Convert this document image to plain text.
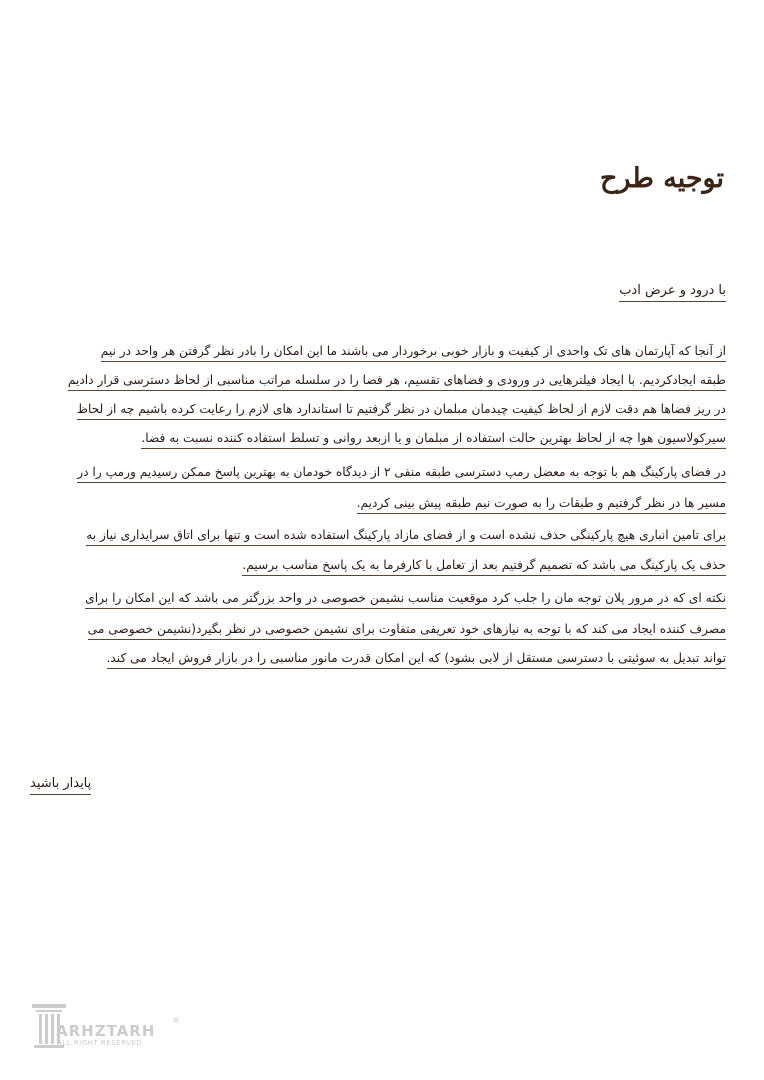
توجیه طرح
با درود و عرض ادب
از آنجا که آپارتمان های تک واحدی از کیفیت و بازار خوبی برخوردار می باشند ما این امکان را بادر نظر گرفتن هر واحد در نیم
طبقه ایجادکردیم. با ایجاد فیلترهایی در ورودی و فضاهای تقسیم، هر فضا را در سلسله مراتب مناسبی از لحاظ دسترسی قرار دادیم
در ریز فضاها هم دقت لازم از لحاظ کیفیت چیدمان مبلمان در نظر گرفتیم تا استاندارد های لازم را رعایت کرده باشیم چه از لحاظ
سیرکولاسیون هوا چه از لحاظ بهترین حالت استفاده از مبلمان و یا ازبعد روانی و تسلط استفاده کننده نسبت به فضا.
در فضای پارکینگ هم با توجه به معضل رمپ دسترسی طبقه منفی ۲ از دیدگاه خودمان به بهترین پاسخ ممکن رسیدیم ورمپ را در
مسیر ها در نظر گرفتیم و طبقات را به صورت نیم طبقه پیش بینی کردیم.
برای تامین انباری هیچ پارکینگی حذف نشده است و از فضای مازاد پارکینگ استفاده شده است و تنها برای اتاق سرایداری نیاز به
حذف یک پارکینگ می باشد که تصمیم گرفتیم بعد از تعامل با کارفرما به یک پاسخ مناسب برسیم.
نکته ای که در مرور پلان توجه مان را جلب کرد موقعیت مناسب نشیمن خصوصی در واحد بزرگتر می باشد که این امکان را برای
مصرف کننده ایجاد می کند که با توجه به نیازهای خود تعریفی متفاوت برای نشیمن خصوصی در نظر بگیرد(نشیمن خصوصی می
تواند تبدیل به سوئیتی با دسترسی مستقل از لابی بشود) که این امکان قدرت مانور مناسبی را در بازار فروش ایجاد می کند.
پایدار باشید
ARHZTARH
ALL RIGHT RESERVED
®
